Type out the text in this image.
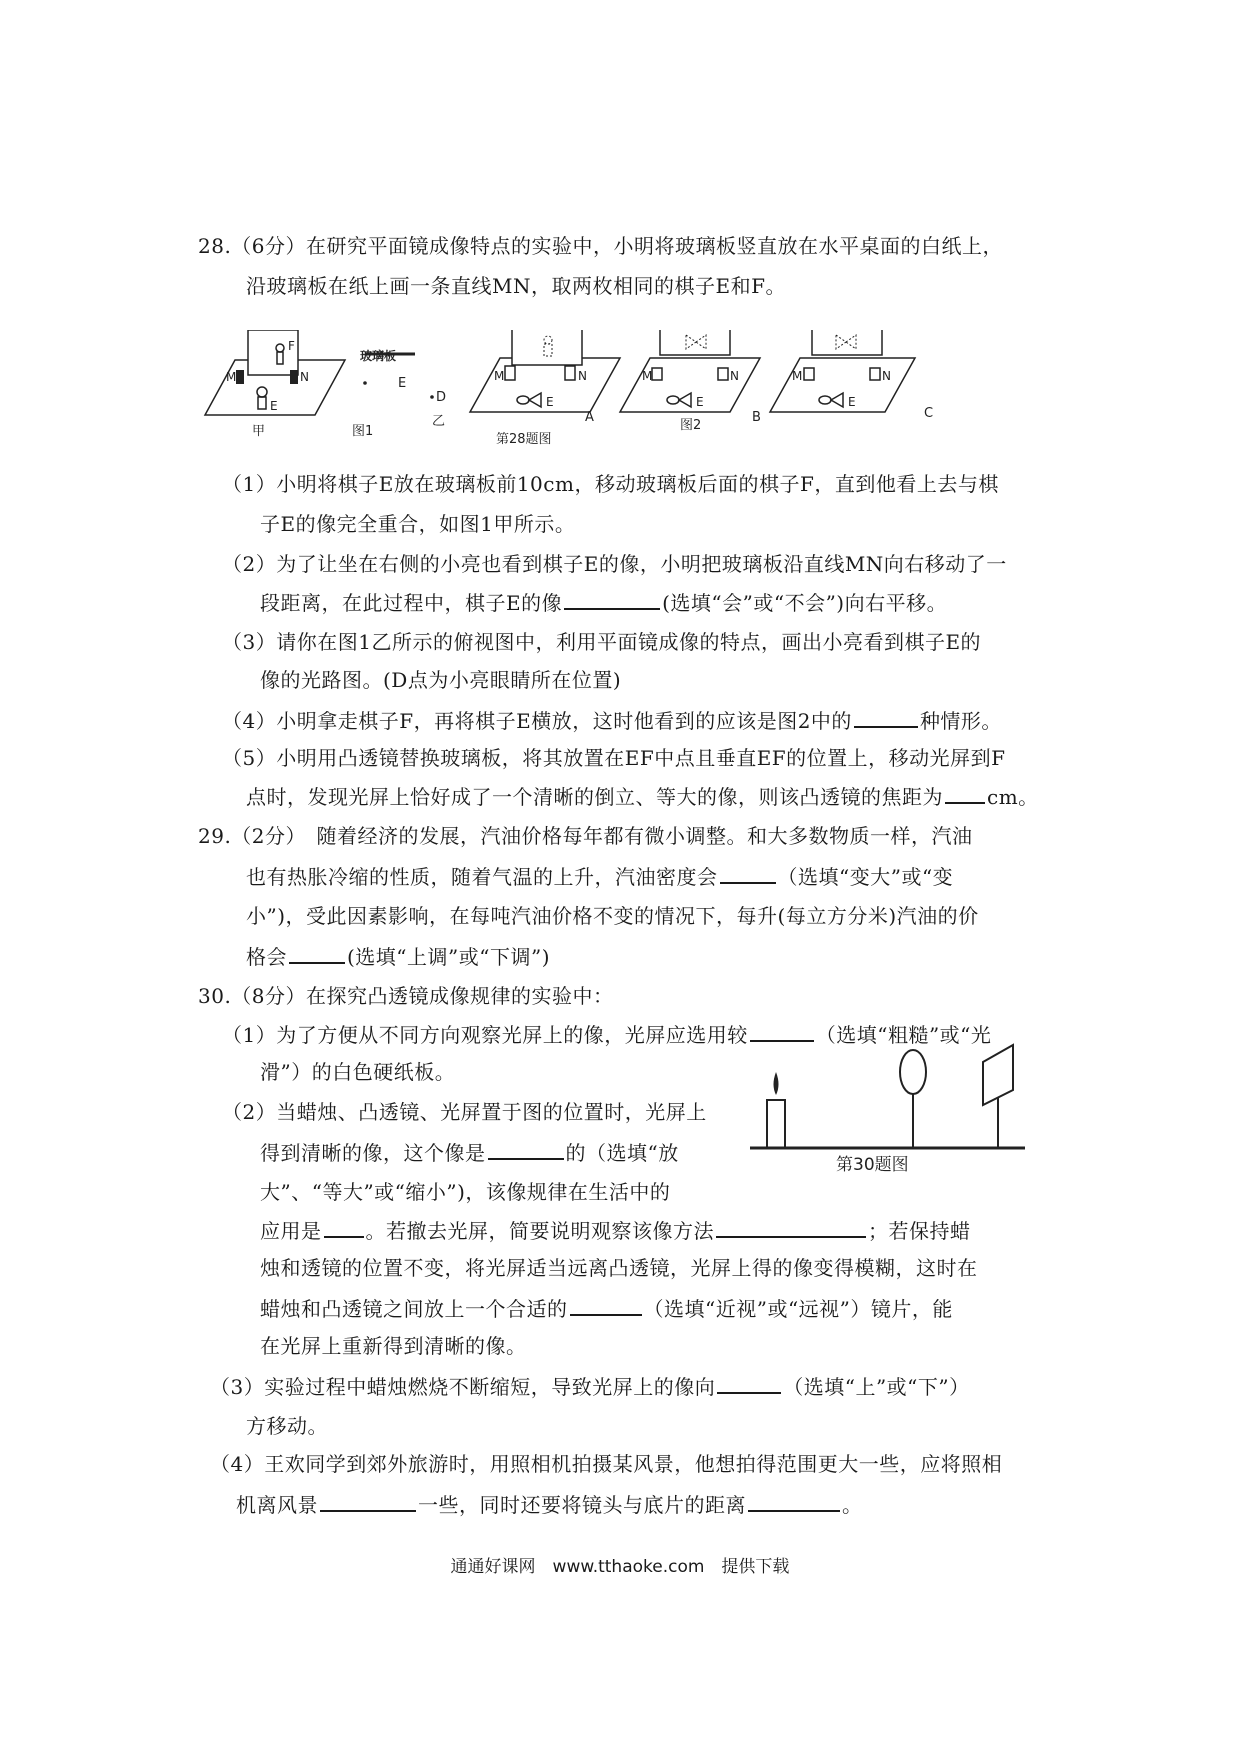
28.（6分）在研究平面镜成像特点的实验中，小明将玻璃板竖直放在水平桌面的白纸上，
沿玻璃板在纸上画一条直线MN，取两枚相同的棋子E和F。
M	N
F
E
M	N
E
M	N
E
M	N
E
玻璃板
E
D
甲	图1
乙
第28题图
A
图2
B	C
（1）小明将棋子E放在玻璃板前10cm，移动玻璃板后面的棋子F，直到他看上去与棋
子E的像完全重合，如图1甲所示。
（2）为了让坐在右侧的小亮也看到棋子E的像，小明把玻璃板沿直线MN向右移动了一
段距离，在此过程中，棋子E的像	(选填“会”或“不会”)向右平移。
（3）请你在图1乙所示的俯视图中，利用平面镜成像的特点，画出小亮看到棋子E的
像的光路图。(D点为小亮眼睛所在位置)
（4）小明拿走棋子F，再将棋子E横放，这时他看到的应该是图2中的	种情形。
（5）小明用凸透镜替换玻璃板，将其放置在EF中点且垂直EF的位置上，移动光屏到F
点时，发现光屏上恰好成了一个清晰的倒立、等大的像，则该凸透镜的焦距为 cm。
29.（2分）　随着经济的发展，汽油价格每年都有微小调整。和大多数物质一样，汽油
也有热胀冷缩的性质，随着气温的上升，汽油密度会	（选填“变大”或“变
小”)，受此因素影响，在每吨汽油价格不变的情况下，每升(每立方分米)汽油的价
格会	(选填“上调”或“下调”)
30.（8分）在探究凸透镜成像规律的实验中：
（1）为了方便从不同方向观察光屏上的像，光屏应选用较	（选填“粗糙”或“光
滑”）的白色硬纸板。
第30题图
（2）当蜡烛、凸透镜、光屏置于图的位置时，光屏上
得到清晰的像，这个像是	的（选填“放
大”、“等大”或“缩小”)，该像规律在生活中的
应用是 。若撤去光屏，简要说明观察该像方法	；若保持蜡
烛和透镜的位置不变，将光屏适当远离凸透镜，光屏上得的像变得模糊，这时在
蜡烛和凸透镜之间放上一个合适的	（选填“近视”或“远视”）镜片，能
在光屏上重新得到清晰的像。
（3）实验过程中蜡烛燃烧不断缩短，导致光屏上的像向	（选填“上”或“下”）
方移动。
（4）王欢同学到郊外旅游时，用照相机拍摄某风景，他想拍得范围更大一些，应将照相
机离风景	一些，同时还要将镜头与底片的距离	。
通通好课网　www.tthaoke.com　提供下载
